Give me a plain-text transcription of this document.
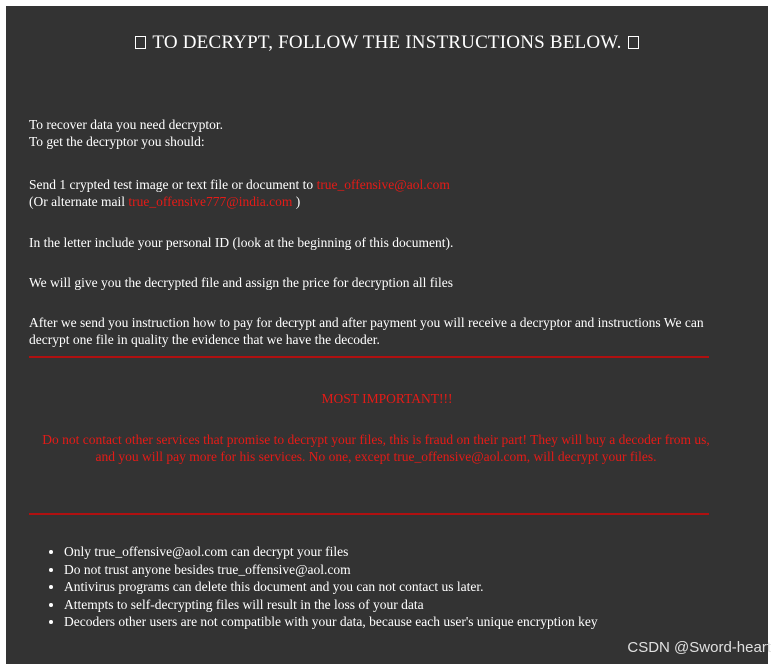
TO DECRYPT, FOLLOW THE INSTRUCTIONS BELOW.
To recover data you need decryptor.
To get the decryptor you should:
Send 1 crypted test image or text file or document to true_offensive@aol.com
(Or alternate mail true_offensive777@india.com )
In the letter include your personal ID (look at the beginning of this document).
We will give you the decrypted file and assign the price for decryption all files
After we send you instruction how to pay for decrypt and after payment you will receive a decryptor and instructions We can decrypt one file in quality the evidence that we have the decoder.
MOST IMPORTANT!!!
Do not contact other services that promise to decrypt your files, this is fraud on their part! They will buy a decoder from us, and you will pay more for his services. No one, except true_offensive@aol.com, will decrypt your files.
• Only true_offensive@aol.com can decrypt your files
• Do not trust anyone besides true_offensive@aol.com
• Antivirus programs can delete this document and you can not contact us later.
• Attempts to self-decrypting files will result in the loss of your data
• Decoders other users are not compatible with your data, because each user's unique encryption key
CSDN @Sword-heart
